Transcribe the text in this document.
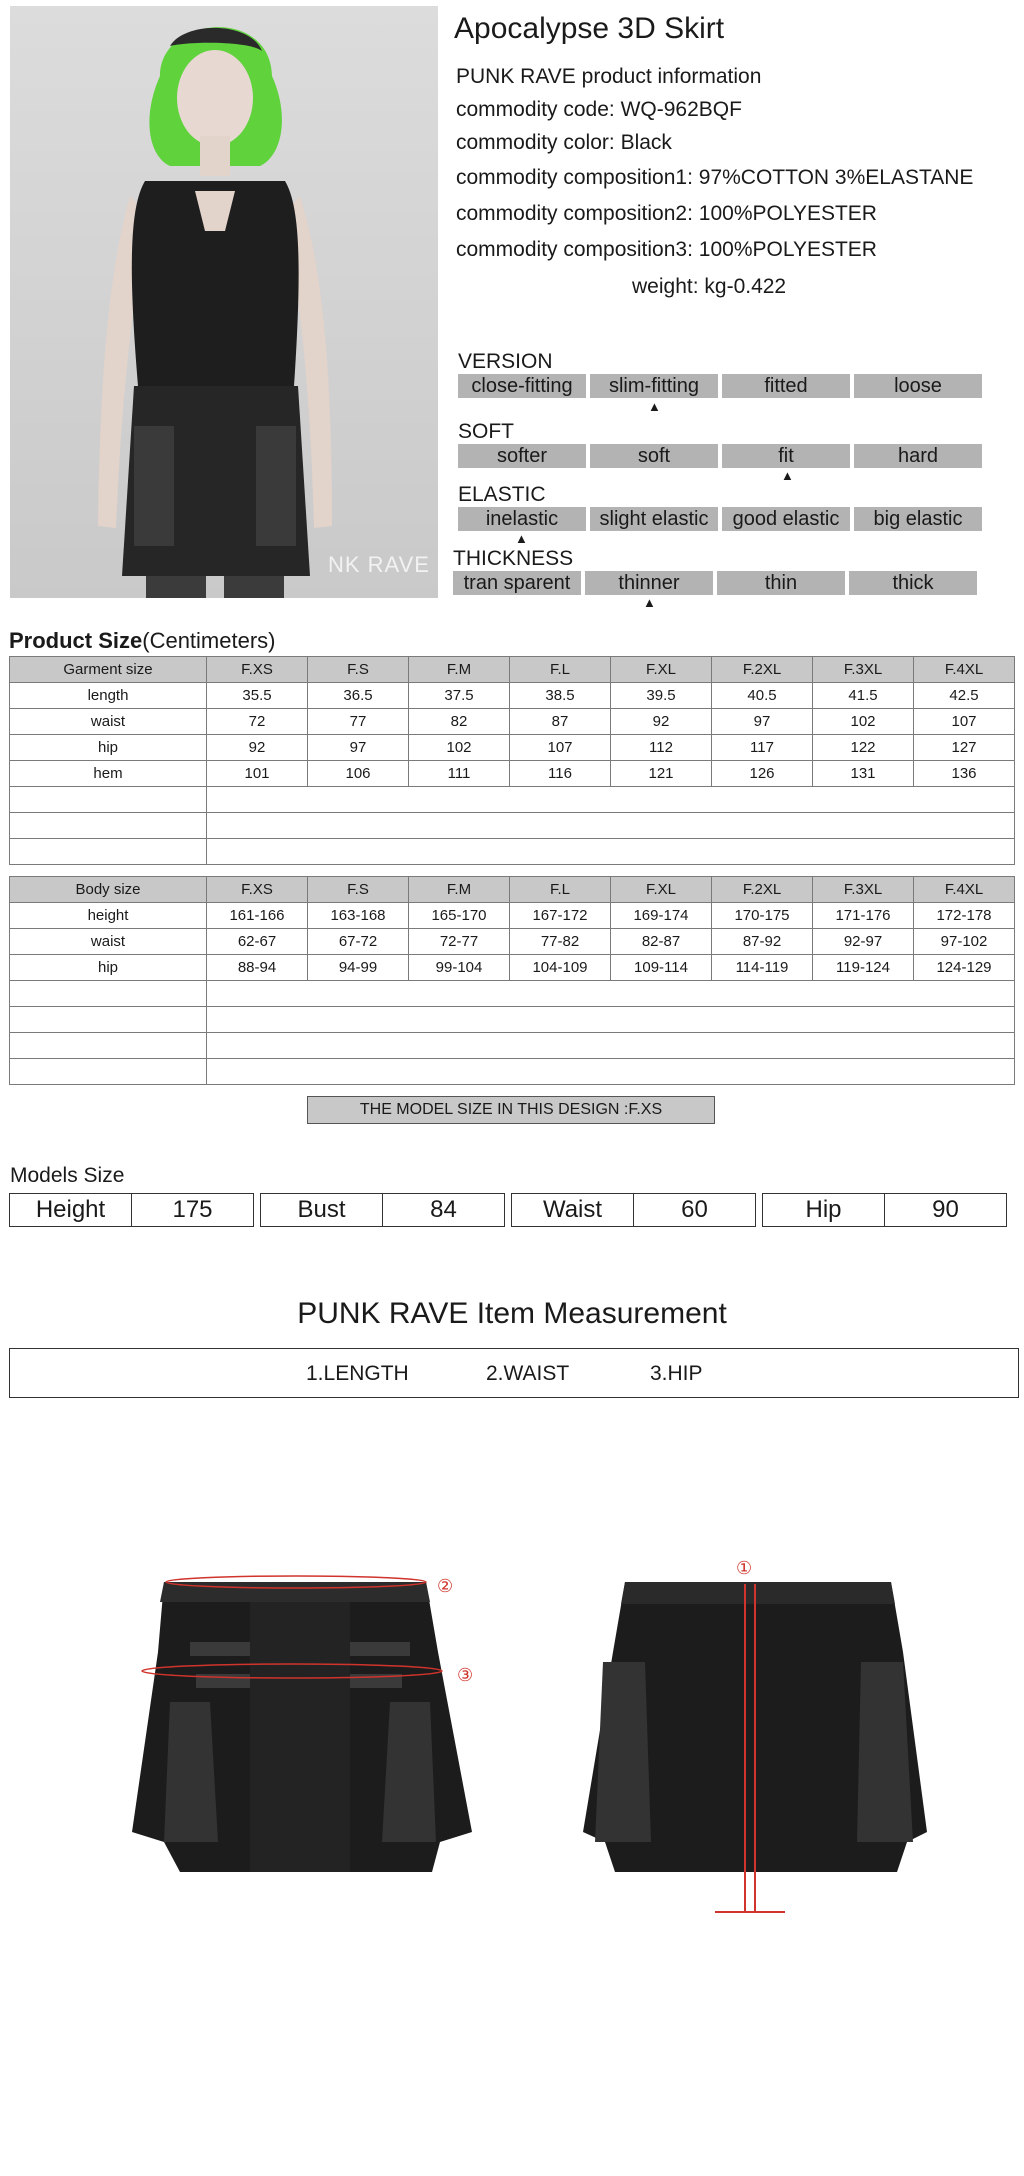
NK RAVE
Apocalypse 3D Skirt
PUNK RAVE product information
commodity code: WQ-962BQF
commodity color: Black
commodity composition1: 97%COTTON 3%ELASTANE
commodity composition2: 100%POLYESTER
commodity composition3: 100%POLYESTER
weight: kg-0.422
VERSION
close-fitting	slim-fitting	fitted	loose
▲
SOFT
softer	soft	fit	hard
▲
ELASTIC
inelastic	slight elastic	good elastic	big elastic
▲
THICKNESS
tran sparent	thinner	thin	thick
▲
Product Size(Centimeters)
Garment size	F.XS	F.S	F.M	F.L	F.XL	F.2XL	F.3XL	F.4XL
length	35.5	36.5	37.5	38.5	39.5	40.5	41.5	42.5
waist	72	77	82	87	92	97	102	107
hip	92	97	102	107	112	117	122	127
hem	101	106	111	116	121	126	131	136

Body size	F.XS	F.S	F.M	F.L	F.XL	F.2XL	F.3XL	F.4XL
height	161-166	163-168	165-170	167-172	169-174	170-175	171-176	172-178
waist	62-67	67-72	72-77	77-82	82-87	87-92	92-97	97-102
hip	88-94	94-99	99-104	104-109	109-114	114-119	119-124	124-129

THE MODEL SIZE IN THIS DESIGN :F.XS
Models Size
Height	175	Bust	84	Waist	60	Hip	90
PUNK RAVE Item Measurement
1.LENGTH	2.WAIST	3.HIP
②
③
①
